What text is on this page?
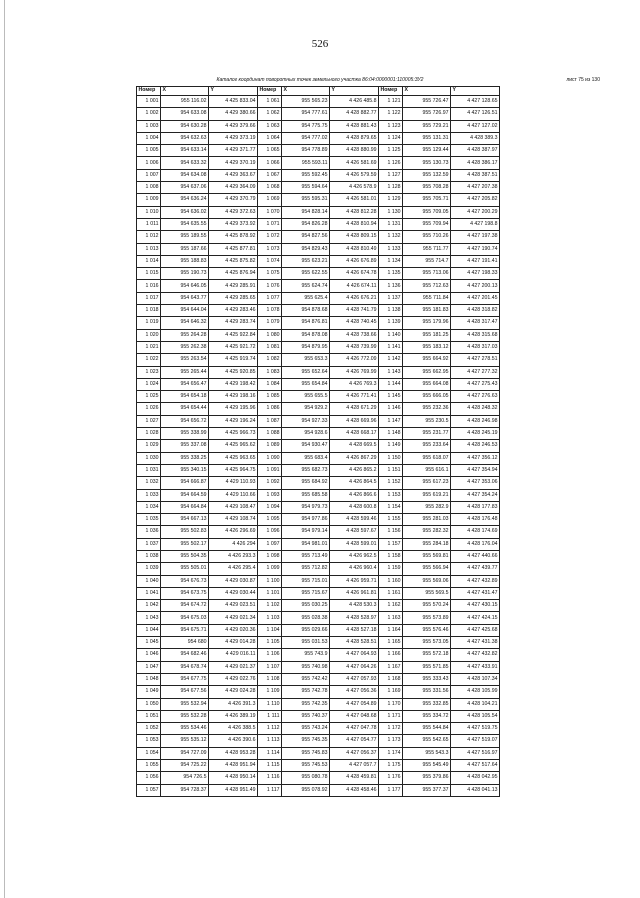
526
Каталог координат поворотных точек земельного участка 86:04:0000001:110005:ЗУ2	лист 75 из 130
Номер	X	Y	Номер	X	Y	Номер	X	Y
1 001	955 116.02	4 425 833.04	1 061	955 565.23	4 426 485.8	1 121	955 726.47	4 427 128.65
1 002	954 633.08	4 429 380.66	1 062	954 777.61	4 428 882.77	1 122	955 726.97	4 427 126.51
1 003	954 630.28	4 429 379.66	1 063	954 775.75	4 428 881.43	1 123	955 729.21	4 427 127.02
1 004	954 632.63	4 429 373.19	1 064	954 777.02	4 428 879.65	1 124	955 131.31	4 428 389.3
1 005	954 633.14	4 429 371.77	1 065	954 778.89	4 428 880.99	1 125	955 129.44	4 428 387.97
1 006	954 633.32	4 429 370.19	1 066	955 593.11	4 426 581.69	1 126	955 130.73	4 428 386.17
1 007	954 634.08	4 429 363.67	1 067	955 592.45	4 426 579.59	1 127	955 132.59	4 428 387.51
1 008	954 637.06	4 429 364.09	1 068	955 594.64	4 426 578.9	1 128	955 708.28	4 427 207.38
1 009	954 636.24	4 429 370.79	1 069	955 595.31	4 426 581.01	1 129	955 705.71	4 427 205.82
1 010	954 636.02	4 429 372.63	1 070	954 828.14	4 428 812.28	1 130	955 709.05	4 427 200.29
1 011	954 635.55	4 429 373.92	1 071	954 826.28	4 428 810.94	1 131	955 709.94	4 427 198.8
1 012	955 189.55	4 425 878.92	1 072	954 827.56	4 428 809.15	1 132	955 710.26	4 427 197.38
1 013	955 187.66	4 425 877.81	1 073	954 829.43	4 428 810.49	1 133	955 711.77	4 427 190.74
1 014	955 188.83	4 425 875.82	1 074	955 623.21	4 426 676.89	1 134	955 714.7	4 427 191.41
1 015	955 190.73	4 425 876.94	1 075	955 622.55	4 426 674.78	1 135	955 713.06	4 427 198.33
1 016	954 646.05	4 429 285.91	1 076	955 624.74	4 426 674.11	1 136	955 712.63	4 427 200.13
1 017	954 643.77	4 429 285.65	1 077	955 625.4	4 426 676.21	1 137	955 711.84	4 427 201.45
1 018	954 644.04	4 429 283.46	1 078	954 878.68	4 428 741.79	1 138	955 181.83	4 428 318.82
1 019	954 646.32	4 429 283.74	1 079	954 876.81	4 428 740.45	1 139	955 179.96	4 428 317.47
1 020	955 264.28	4 425 922.84	1 080	954 878.08	4 428 738.66	1 140	955 181.25	4 428 315.68
1 021	955 262.38	4 425 921.72	1 081	954 879.95	4 428 739.99	1 141	955 183.12	4 428 317.03
1 022	955 263.54	4 425 919.74	1 082	955 653.3	4 426 772.09	1 142	955 664.92	4 427 278.51
1 023	955 265.44	4 425 920.85	1 083	955 652.64	4 426 769.99	1 143	955 662.95	4 427 277.32
1 024	954 656.47	4 429 198.42	1 084	955 654.84	4 426 769.3	1 144	955 664.08	4 427 275.43
1 025	954 654.18	4 429 198.16	1 085	955 655.5	4 426 771.41	1 145	955 666.05	4 427 276.63
1 026	954 654.44	4 429 195.96	1 086	954 929.2	4 428 671.29	1 146	955 232.36	4 428 248.32
1 027	954 656.72	4 429 196.24	1 087	954 927.33	4 428 669.96	1 147	955 230.5	4 428 246.98
1 028	955 338.99	4 425 966.73	1 088	954 928.6	4 428 668.17	1 148	955 231.77	4 428 245.19
1 029	955 337.08	4 425 965.62	1 089	954 930.47	4 428 669.5	1 149	955 233.64	4 428 246.53
1 030	955 338.25	4 425 963.65	1 090	955 683.4	4 426 867.29	1 150	955 618.07	4 427 356.12
1 031	955 340.15	4 425 964.75	1 091	955 682.73	4 426 865.2	1 151	955 616.1	4 427 354.94
1 032	954 666.87	4 429 110.93	1 092	955 684.92	4 426 864.5	1 152	955 617.23	4 427 353.06
1 033	954 664.59	4 429 110.66	1 093	955 685.58	4 426 866.6	1 153	955 619.21	4 427 354.24
1 034	954 664.84	4 429 108.47	1 094	954 979.73	4 428 600.8	1 154	955 282.9	4 428 177.83
1 035	954 667.13	4 429 108.74	1 095	954 977.86	4 428 599.46	1 155	955 281.03	4 428 176.48
1 036	955 502.83	4 426 296.69	1 096	954 979.14	4 428 597.67	1 156	955 282.32	4 428 174.69
1 037	955 502.17	4 426 294	1 097	954 981.01	4 428 599.01	1 157	955 284.18	4 428 176.04
1 038	955 504.35	4 426 293.3	1 098	955 713.49	4 426 962.5	1 158	955 569.81	4 427 440.66
1 039	955 505.01	4 426 295.4	1 099	955 712.82	4 426 960.4	1 159	955 566.94	4 427 439.77
1 040	954 676.73	4 429 030.87	1 100	955 715.01	4 426 959.71	1 160	955 569.06	4 427 432.89
1 041	954 673.75	4 429 030.44	1 101	955 715.67	4 426 961.81	1 161	955 569.5	4 427 431.47
1 042	954 674.72	4 429 023.51	1 102	955 030.25	4 428 530.3	1 162	955 570.24	4 427 430.15
1 043	954 675.03	4 429 021.34	1 103	955 028.38	4 428 528.97	1 163	955 573.89	4 427 424.15
1 044	954 675.71	4 429 020.36	1 104	955 029.66	4 428 527.18	1 164	955 576.46	4 427 425.68
1 045	954 680	4 429 014.28	1 105	955 031.53	4 428 528.51	1 165	955 573.05	4 427 431.38
1 046	954 682.46	4 429 016.11	1 106	955 743.9	4 427 064.93	1 166	955 572.18	4 427 432.82
1 047	954 678.74	4 429 021.37	1 107	955 740.98	4 427 064.26	1 167	955 571.85	4 427 433.91
1 048	954 677.75	4 429 022.76	1 108	955 742.42	4 427 057.93	1 168	955 333.43	4 428 107.34
1 049	954 677.56	4 429 024.28	1 109	955 742.78	4 427 056.36	1 169	955 331.56	4 428 105.99
1 050	955 532.94	4 426 391.3	1 110	955 742.35	4 427 054.89	1 170	955 332.85	4 428 104.21
1 051	955 532.28	4 426 389.19	1 111	955 740.37	4 427 048.68	1 171	955 334.72	4 428 105.54
1 052	955 534.46	4 426 388.5	1 112	955 743.24	4 427 047.78	1 172	955 544.84	4 427 519.75
1 053	955 535.12	4 426 390.6	1 113	955 745.35	4 427 054.77	1 173	955 542.65	4 427 519.07
1 054	954 727.09	4 428 953.28	1 114	955 745.83	4 427 056.37	1 174	955 543.3	4 427 516.97
1 055	954 725.22	4 428 951.94	1 115	955 745.53	4 427 057.7	1 175	955 545.49	4 427 517.64
1 056	954 726.5	4 428 950.14	1 116	955 080.78	4 428 459.81	1 176	955 379.86	4 428 042.95
1 057	954 728.37	4 428 951.49	1 117	955 078.92	4 428 458.46	1 177	955 377.37	4 428 041.13
